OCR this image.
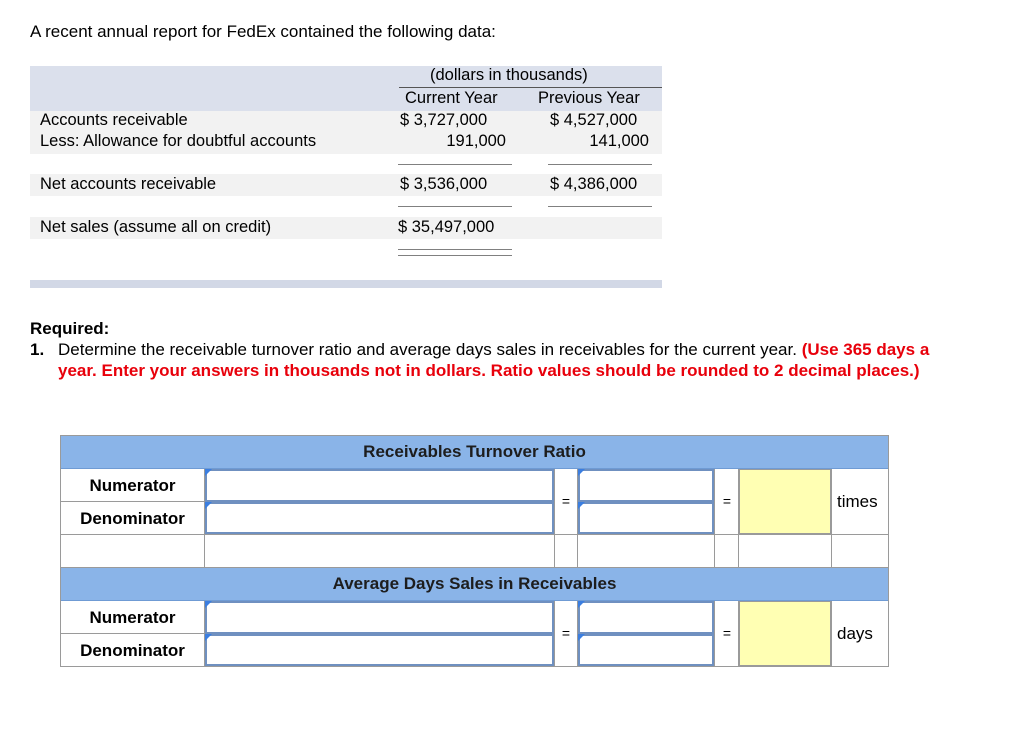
A recent annual report for FedEx contained the following data:
(dollars in thousands)
Current Year Previous Year
Accounts receivable	$ 3,727,000	$ 4,527,000
Less: Allowance for doubtful accounts	191,000	141,000
Net accounts receivable	$ 3,536,000	$ 4,386,000
Net sales (assume all on credit)	$ 35,497,000
Required:
1. Determine the receivable turnover ratio and average days sales in receivables for the current year. (Use 365 days a year. Enter your answers in thousands not in dollars. Ratio values should be rounded to 2 decimal places.)
Receivables Turnover Ratio
Numerator
Denominator
=	=	times
Average Days Sales in Receivables
Numerator
Denominator
=	=	days
